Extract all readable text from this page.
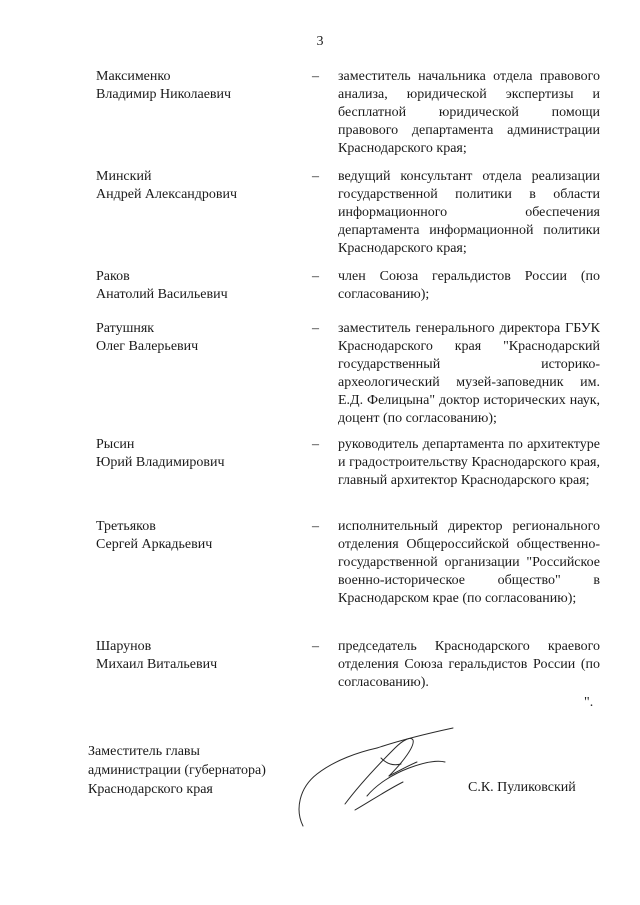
3
Максименко
Владимир Николаевич
– заместитель начальника отдела правового анализа, юридической экспертизы и бесплатной юридической помощи правового департамента администрации Краснодарского края;
Минский
Андрей Александрович
– ведущий консультант отдела реализации государственной политики в области информационного обеспечения департамента информационной политики Краснодарского края;
Раков
Анатолий Васильевич
– член Союза геральдистов России (по согласованию);
Ратушняк
Олег Валерьевич
– заместитель генерального директора ГБУК Краснодарского края "Краснодарский государственный историко-археологический музей-заповедник им. Е.Д. Фелицына" доктор исторических наук, доцент (по согласованию);
Рысин
Юрий Владимирович
– руководитель департамента по архитектуре и градостроительству Краснодарского края, главный архитектор Краснодарского края;
Третьяков
Сергей Аркадьевич
– исполнительный директор регионального отделения Общероссийской общественно-государственной организации "Российское военно-историческое общество" в Краснодарском крае (по согласованию);
Шарунов
Михаил Витальевич
– председатель Краснодарского краевого отделения Союза геральдистов России (по согласованию).
".
Заместитель главы
администрации (губернатора)
Краснодарского края	С.К. Пуликовский
